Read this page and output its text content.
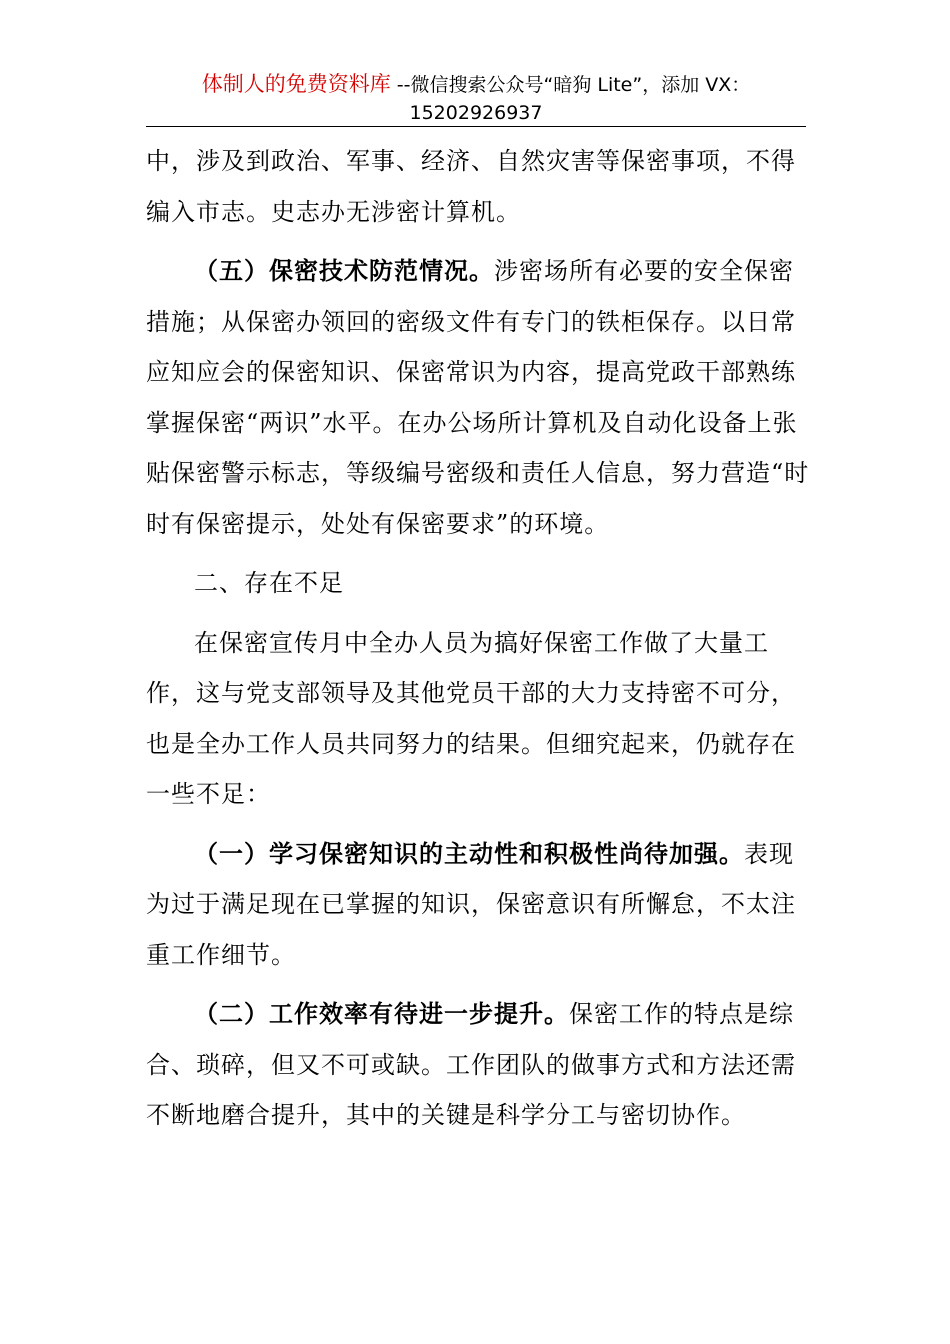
体制人的免费资料库 --微信搜索公众号“暗狗 Lite”，添加 VX：
15202926937

中，涉及到政治、军事、经济、自然灾害等保密事项，不得编入市志。史志办无涉密计算机。

（五）保密技术防范情况。涉密场所有必要的安全保密措施；从保密办领回的密级文件有专门的铁柜保存。以日常应知应会的保密知识、保密常识为内容，提高党政干部熟练掌握保密“两识”水平。在办公场所计算机及自动化设备上张贴保密警示标志，等级编号密级和责任人信息，努力营造“时时有保密提示，处处有保密要求”的环境。

二、存在不足

在保密宣传月中全办人员为搞好保密工作做了大量工作，这与党支部领导及其他党员干部的大力支持密不可分，也是全办工作人员共同努力的结果。但细究起来，仍就存在一些不足：

（一）学习保密知识的主动性和积极性尚待加强。表现为过于满足现在已掌握的知识，保密意识有所懈怠，不太注重工作细节。

（二）工作效率有待进一步提升。保密工作的特点是综合、琐碎，但又不可或缺。工作团队的做事方式和方法还需不断地磨合提升，其中的关键是科学分工与密切协作。
